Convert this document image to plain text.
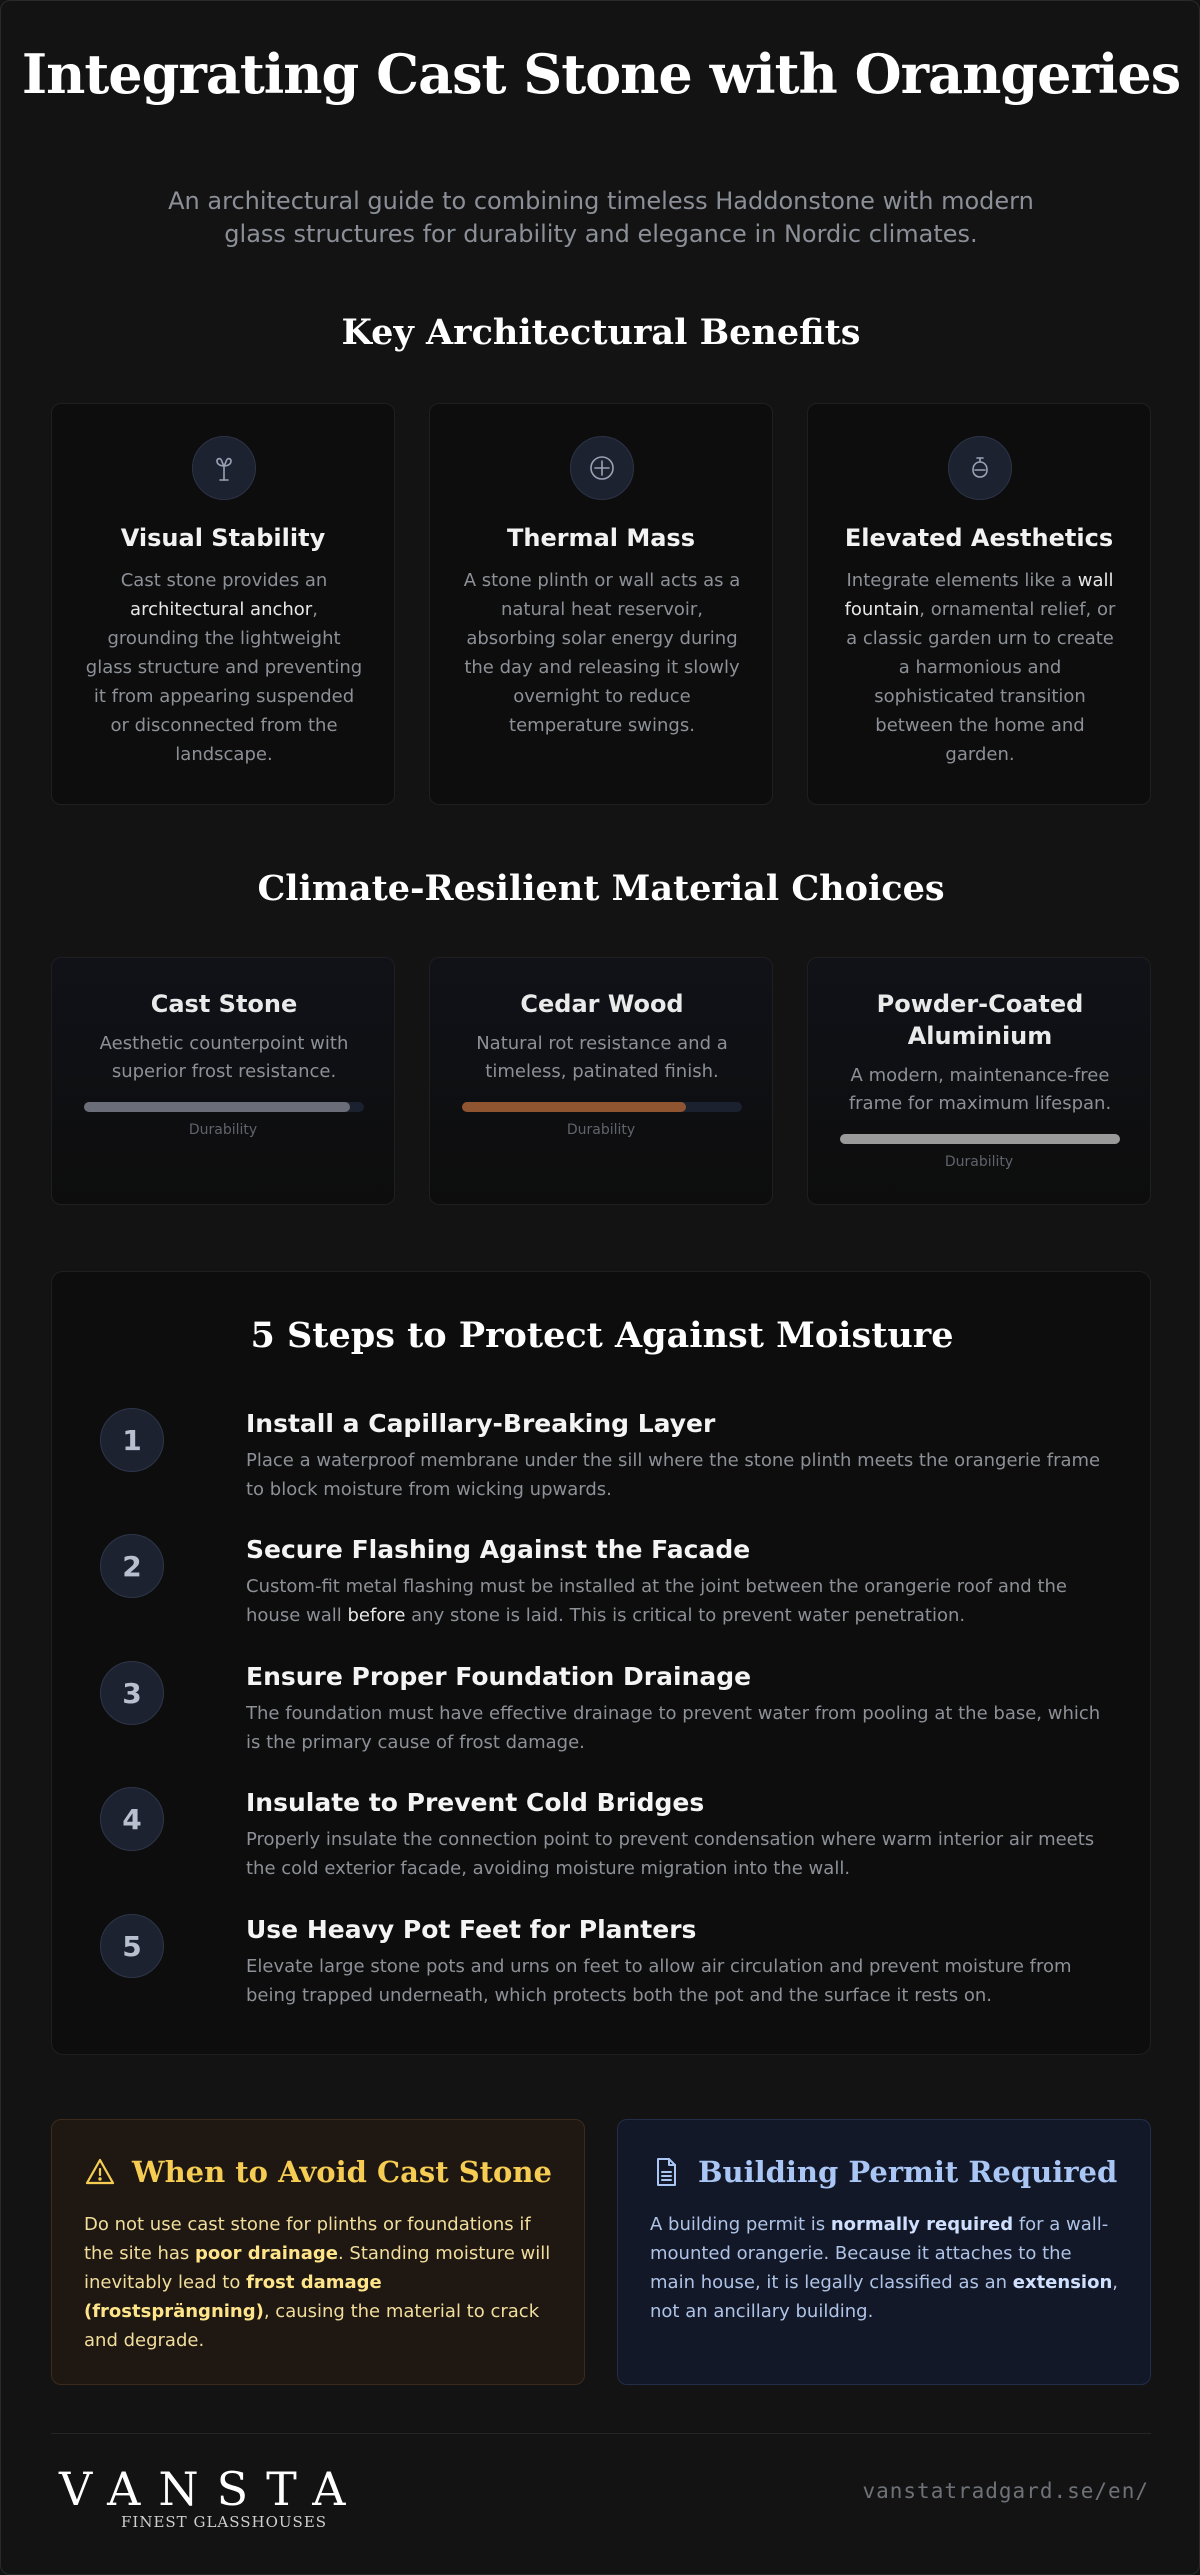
Integrating Cast Stone with Orangeries
An architectural guide to combining timeless Haddonstone with modern glass structures for durability and elegance in Nordic climates.
Key Architectural Benefits
Visual Stability
Cast stone provides an architectural anchor, grounding the lightweight glass structure and preventing it from appearing suspended or disconnected from the landscape.
Thermal Mass
A stone plinth or wall acts as a natural heat reservoir, absorbing solar energy during the day and releasing it slowly overnight to reduce temperature swings.
Elevated Aesthetics
Integrate elements like a wall fountain, ornamental relief, or a classic garden urn to create a harmonious and sophisticated transition between the home and garden.
Climate-Resilient Material Choices
Cast Stone
Aesthetic counterpoint with superior frost resistance.
Durability
Cedar Wood
Natural rot resistance and a timeless, patinated finish.
Durability
Powder-Coated Aluminium
A modern, maintenance-free frame for maximum lifespan.
Durability
5 Steps to Protect Against Moisture
1	Install a Capillary-Breaking Layer
Place a waterproof membrane under the sill where the stone plinth meets the orangerie frame to block moisture from wicking upwards.
2	Secure Flashing Against the Facade
Custom-fit metal flashing must be installed at the joint between the orangerie roof and the house wall before any stone is laid. This is critical to prevent water penetration.
3	Ensure Proper Foundation Drainage
The foundation must have effective drainage to prevent water from pooling at the base, which is the primary cause of frost damage.
4	Insulate to Prevent Cold Bridges
Properly insulate the connection point to prevent condensation where warm interior air meets the cold exterior facade, avoiding moisture migration into the wall.
5	Use Heavy Pot Feet for Planters
Elevate large stone pots and urns on feet to allow air circulation and prevent moisture from being trapped underneath, which protects both the pot and the surface it rests on.
When to Avoid Cast Stone
Do not use cast stone for plinths or foundations if the site has poor drainage. Standing moisture will inevitably lead to frost damage (frostsprängning), causing the material to crack and degrade.
Building Permit Required
A building permit is normally required for a wall-mounted orangerie. Because it attaches to the main house, it is legally classified as an extension, not an ancillary building.
VANSTA
FINEST GLASSHOUSES
vanstatradgard.se/en/
